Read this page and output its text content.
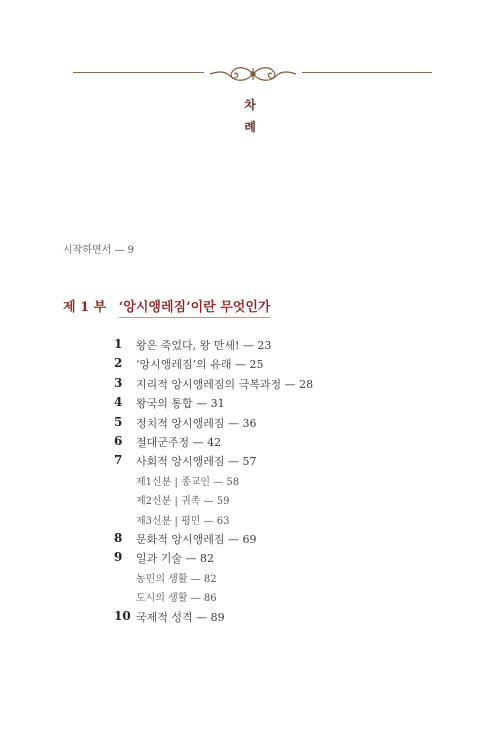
차
례
시작하면서 — 9
제 1 부 ‘앙시앵레짐’이란 무엇인가
1	왕은 죽었다, 왕 만세! — 23
2	‘앙시앵레짐’의 유래 — 25
3	지리적 앙시앵레짐의 극복과정 — 28
4	왕국의 통합 — 31
5	정치적 앙시앵레짐 — 36
6	절대군주정 — 42
7	사회적 앙시앵레짐 — 57
제1신분 | 종교인 — 58
제2신분 | 귀족 — 59
제3신분 | 평민 — 63
8	문화적 앙시앵레짐 — 69
9	일과 기술 — 82
농민의 생활 — 82
도시의 생활 — 86
10 국제적 성격 — 89
